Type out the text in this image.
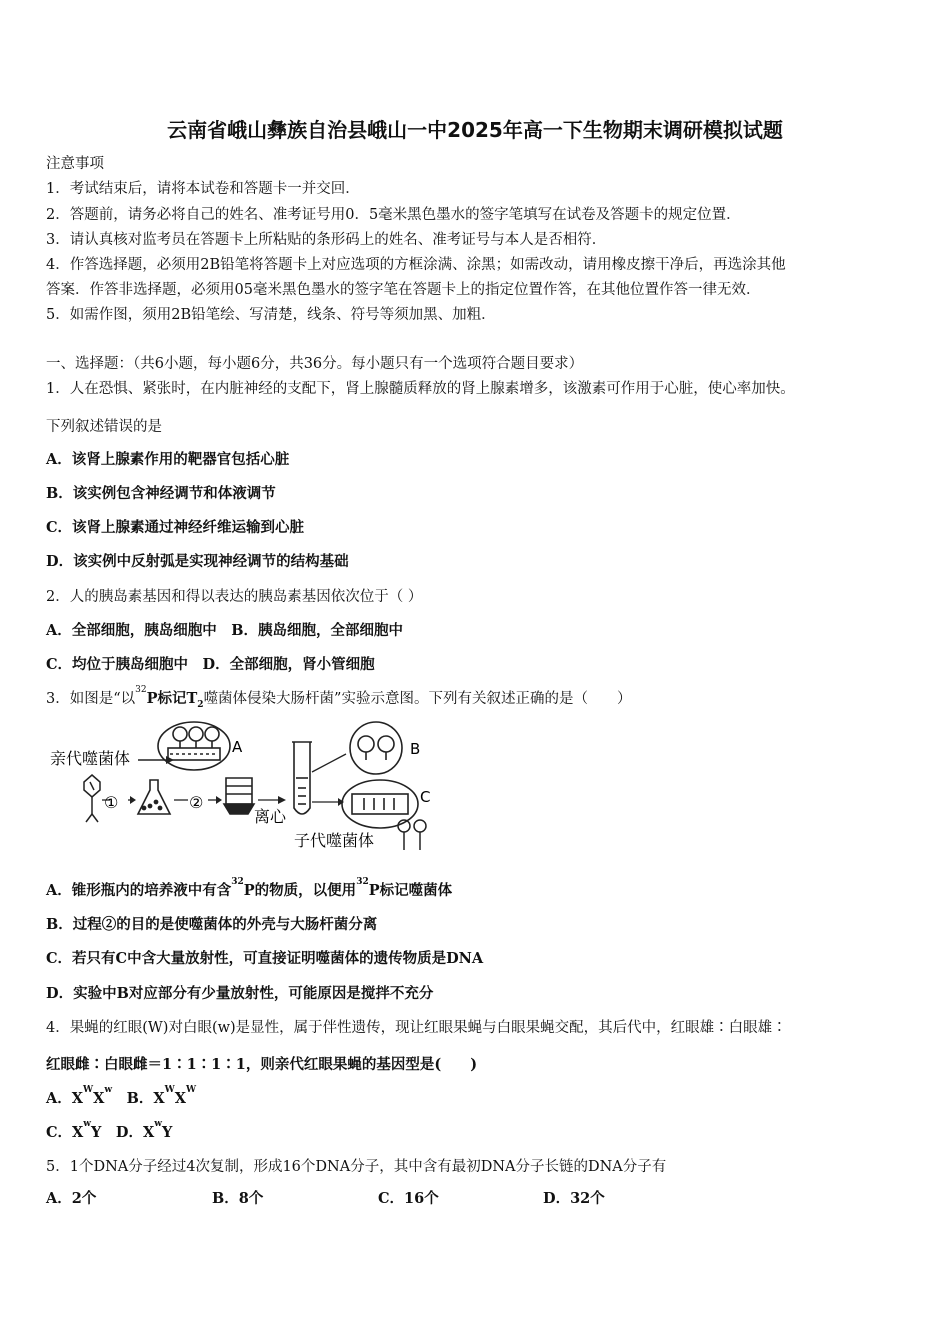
云南省峨山彝族自治县峨山一中2025年高一下生物期末调研模拟试题
注意事项
1．考试结束后，请将本试卷和答题卡一并交回．
2．答题前，请务必将自己的姓名、准考证号用0．5毫米黑色墨水的签字笔填写在试卷及答题卡的规定位置．
3．请认真核对监考员在答题卡上所粘贴的条形码上的姓名、准考证号与本人是否相符．
4．作答选择题，必须用2B铅笔将答题卡上对应选项的方框涂满、涂黑；如需改动，请用橡皮擦干净后，再选涂其他
答案．作答非选择题，必须用05毫米黑色墨水的签字笔在答题卡上的指定位置作答，在其他位置作答一律无效．
5．如需作图，须用2B铅笔绘、写清楚，线条、符号等须加黑、加粗．
一、选择题：（共6小题，每小题6分，共36分。每小题只有一个选项符合题目要求）
1．人在恐惧、紧张时，在内脏神经的支配下，肾上腺髓质释放的肾上腺素增多，该激素可作用于心脏，使心率加快。
下列叙述错误的是
A．该肾上腺素作用的靶器官包括心脏
B．该实例包含神经调节和体液调节
C．该肾上腺素通过神经纤维运输到心脏
D．该实例中反射弧是实现神经调节的结构基础
2．人的胰岛素基因和得以表达的胰岛素基因依次位于（ ）
A．全部细胞，胰岛细胞中　B．胰岛细胞，全部细胞中
C．均位于胰岛细胞中　D．全部细胞，肾小管细胞
3．如图是“以$^{32}$P标记$T_2$噬菌体侵染大肠杆菌”实验示意图。下列有关叙述正确的是（　　）
亲代噬菌体
①	②
A
离心
B
C
子代噬菌体
A．锥形瓶内的培养液中有含$^{32}$P的物质，以便用$^{32}$P标记噬菌体
B．过程②的目的是使噬菌体的外壳与大肠杆菌分离
C．若只有C中含大量放射性，可直接证明噬菌体的遗传物质是DNA
D．实验中B对应部分有少量放射性，可能原因是搅拌不充分
4．果蝇的红眼(W)对白眼(w)是显性，属于伴性遗传，现让红眼果蝇与白眼果蝇交配，其后代中，红眼雄∶白眼雄∶
红眼雌∶白眼雌＝1∶1∶1∶1，则亲代红眼果蝇的基因型是(　　)
A．$X^WX^w$　 B．$X^WX^W$
C．$X^wY$　 D．$X^wY$
5．1个DNA分子经过4次复制，形成16个DNA分子，其中含有最初DNA分子长链的DNA分子有
A．2个	B．8个	C．16个	D．32个
